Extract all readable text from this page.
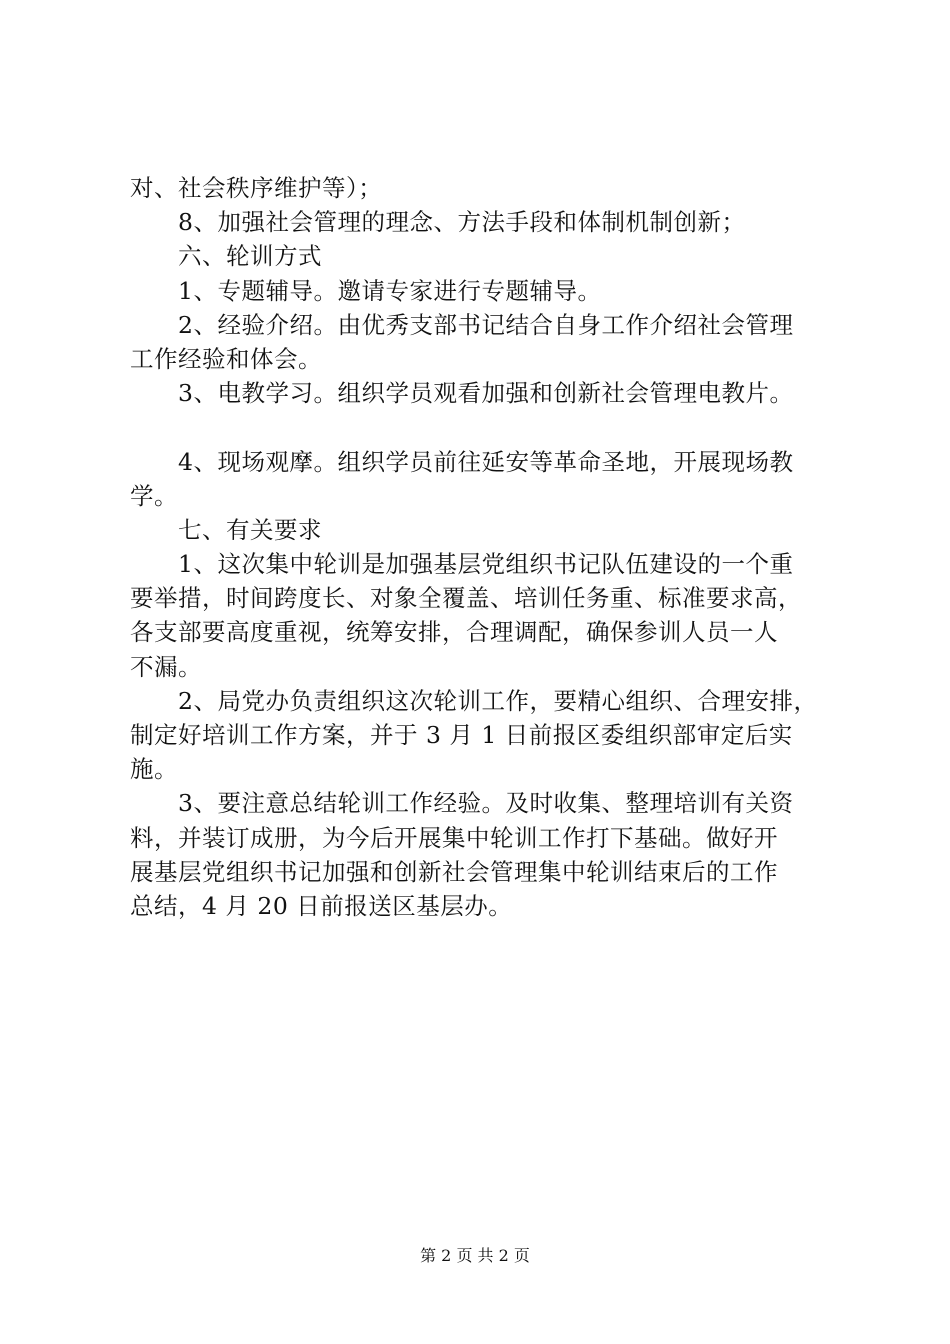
对、社会秩序维护等）；
8、加强社会管理的理念、方法手段和体制机制创新；
六、轮训方式
1、专题辅导。邀请专家进行专题辅导。
2、经验介绍。由优秀支部书记结合自身工作介绍社会管理
工作经验和体会。
3、电教学习。组织学员观看加强和创新社会管理电教片。
4、现场观摩。组织学员前往延安等革命圣地，开展现场教
学。
七、有关要求
1、这次集中轮训是加强基层党组织书记队伍建设的一个重
要举措，时间跨度长、对象全覆盖、培训任务重、标准要求高，
各支部要高度重视，统筹安排，合理调配，确保参训人员一人
不漏。
2、局党办负责组织这次轮训工作，要精心组织、合理安排，
制定好培训工作方案，并于 3 月 1 日前报区委组织部审定后实
施。
3、要注意总结轮训工作经验。及时收集、整理培训有关资
料，并装订成册，为今后开展集中轮训工作打下基础。做好开
展基层党组织书记加强和创新社会管理集中轮训结束后的工作
总结，4 月 20 日前报送区基层办。
第 2 页 共 2 页
